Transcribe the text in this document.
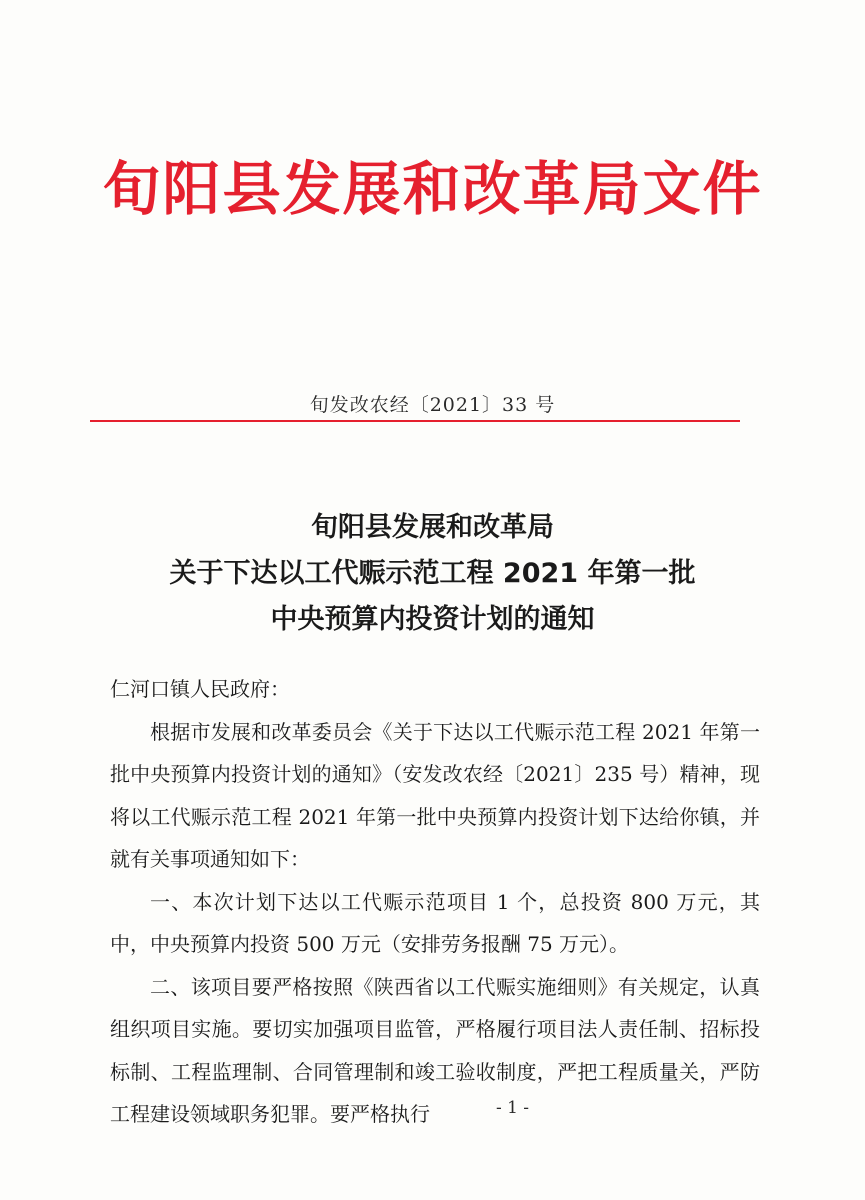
旬阳县发展和改革局文件
旬发改农经〔2021〕33 号
旬阳县发展和改革局
关于下达以工代赈示范工程 2021 年第一批
中央预算内投资计划的通知

仁河口镇人民政府：

根据市发展和改革委员会《关于下达以工代赈示范工程 2021 年第一批中央预算内投资计划的通知》（安发改农经〔2021〕235 号）精神，现将以工代赈示范工程 2021 年第一批中央预算内投资计划下达给你镇，并就有关事项通知如下：

一、本次计划下达以工代赈示范项目 1 个，总投资 800 万元，其中，中央预算内投资 500 万元（安排劳务报酬 75 万元）。

二、该项目要严格按照《陕西省以工代赈实施细则》有关规定，认真组织项目实施。要切实加强项目监管，严格履行项目法人责任制、招标投标制、工程监理制、合同管理制和竣工验收制度，严把工程质量关，严防工程建设领域职务犯罪。要严格执行	- 1 -
